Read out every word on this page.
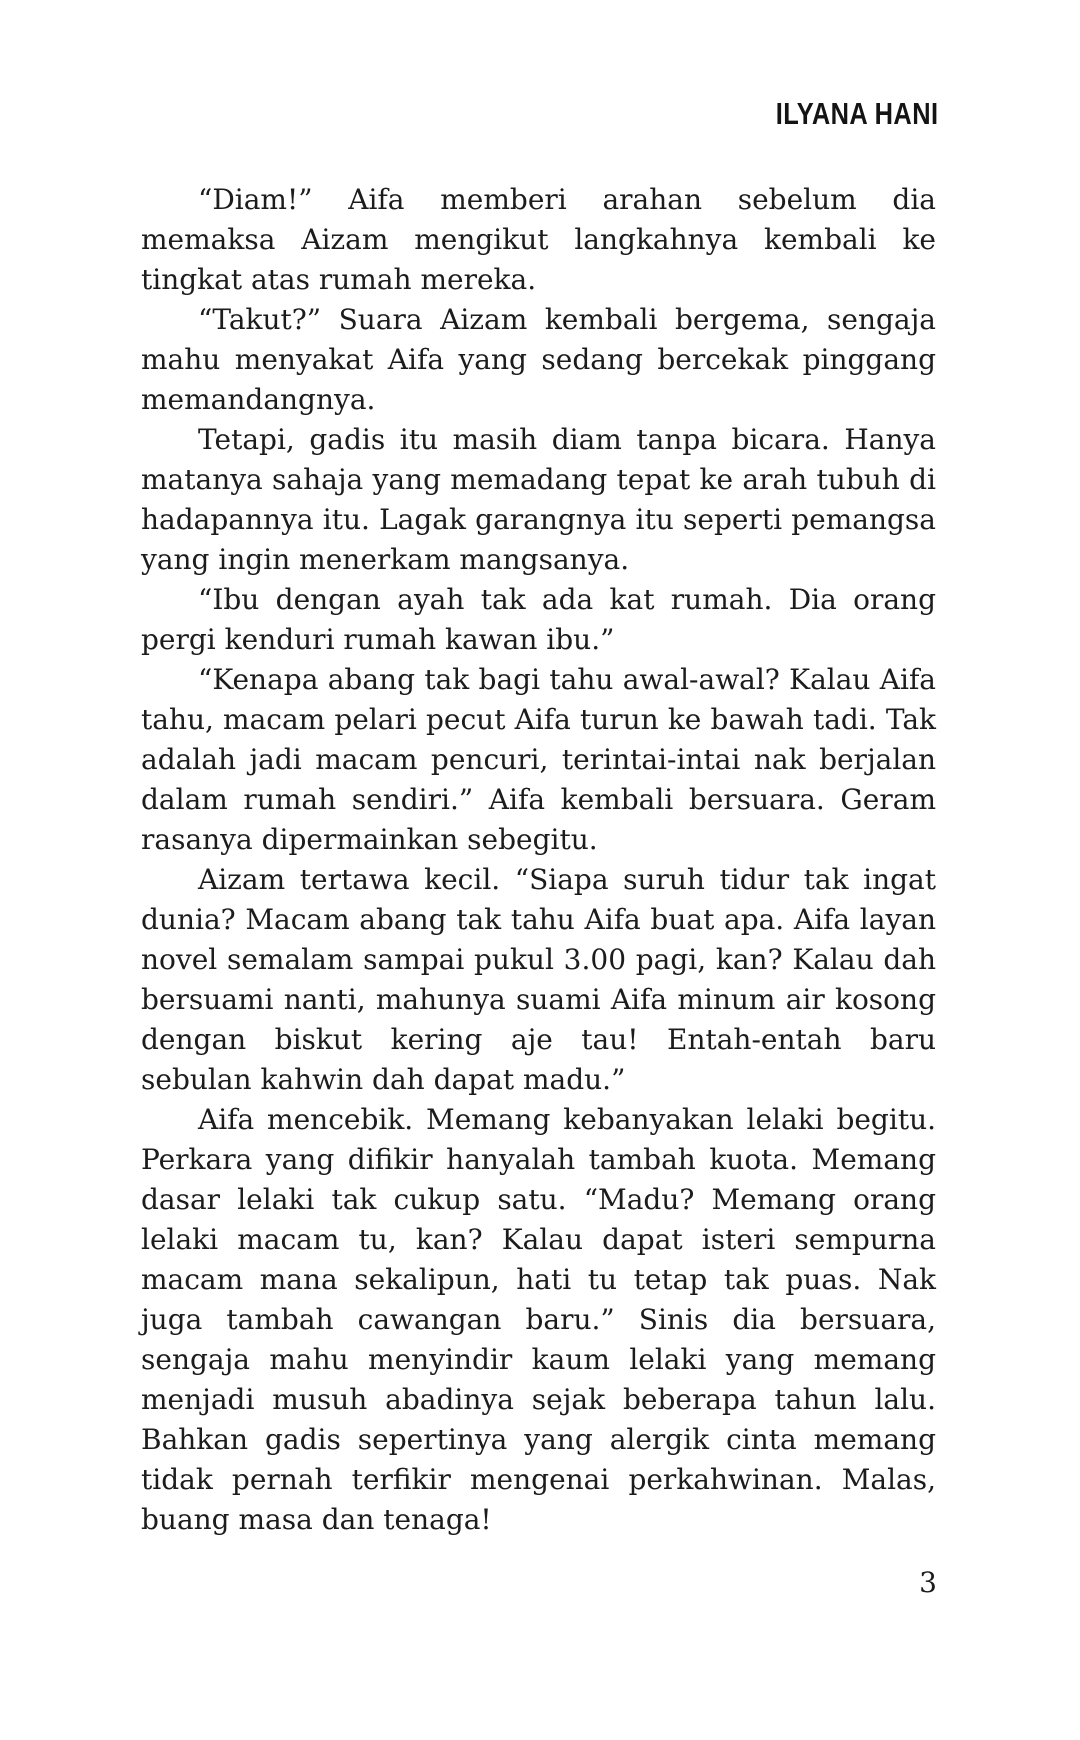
ILYANA HANI

“Diam!” Aifa memberi arahan sebelum dia memaksa Aizam mengikut langkahnya kembali ke tingkat atas rumah mereka.

“Takut?” Suara Aizam kembali bergema, sengaja mahu menyakat Aifa yang sedang bercekak pinggang memandangnya.

Tetapi, gadis itu masih diam tanpa bicara. Hanya matanya sahaja yang memadang tepat ke arah tubuh di hadapannya itu. Lagak garangnya itu seperti pemangsa yang ingin menerkam mangsanya.

“Ibu dengan ayah tak ada kat rumah. Dia orang pergi kenduri rumah kawan ibu.”

“Kenapa abang tak bagi tahu awal-awal? Kalau Aifa tahu, macam pelari pecut Aifa turun ke bawah tadi. Tak adalah jadi macam pencuri, terintai-intai nak berjalan dalam rumah sendiri.” Aifa kembali bersuara. Geram rasanya dipermainkan sebegitu.

Aizam tertawa kecil. “Siapa suruh tidur tak ingat dunia? Macam abang tak tahu Aifa buat apa. Aifa layan novel semalam sampai pukul 3.00 pagi, kan? Kalau dah bersuami nanti, mahunya suami Aifa minum air kosong dengan biskut kering aje tau! Entah-entah baru sebulan kahwin dah dapat madu.”

Aifa mencebik. Memang kebanyakan lelaki begitu. Perkara yang difikir hanyalah tambah kuota. Memang dasar lelaki tak cukup satu. “Madu? Memang orang lelaki macam tu, kan? Kalau dapat isteri sempurna macam mana sekalipun, hati tu tetap tak puas. Nak juga tambah cawangan baru.” Sinis dia bersuara, sengaja mahu menyindir kaum lelaki yang memang menjadi musuh abadinya sejak beberapa tahun lalu. Bahkan gadis sepertinya yang alergik cinta memang tidak pernah terfikir mengenai perkahwinan. Malas, buang masa dan tenaga!

3
